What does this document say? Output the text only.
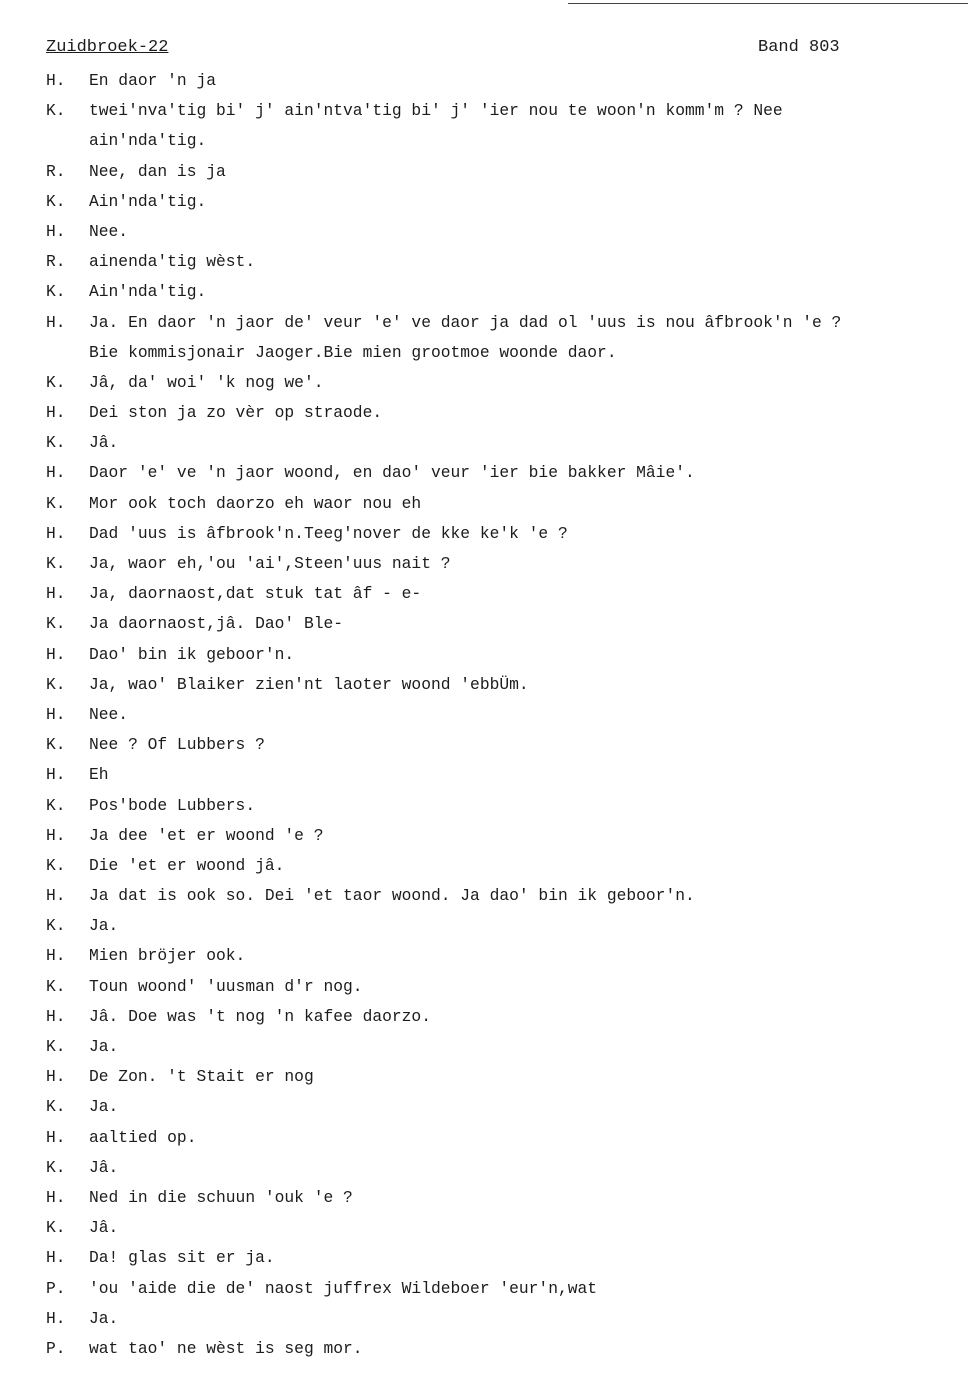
Zuidbroek-22	Band 803
H. En daor 'n ja
K. twei'nva'tig bi' j' ain'ntva'tig bi' j' 'ier nou te woon'n komm'm ? Nee
ain'nda'tig.
R. Nee, dan is ja
K. Ain'nda'tig.
H. Nee.
R. ainenda'tig wèst.
K. Ain'nda'tig.
H. Ja. En daor 'n jaor de' veur 'e' ve daor ja dad ol 'uus is nou âfbrook'n 'e ?
Bie kommisjonair Jaoger.Bie mien grootmoe woonde daor.
K. Jâ, da' woi' 'k nog we'.
H. Dei ston ja zo vèr op straode.
K. Jâ.
H. Daor 'e' ve 'n jaor woond, en dao' veur 'ier bie bakker Mâie'.
K. Mor ook toch daorzo eh waor nou eh
H. Dad 'uus is âfbrook'n.Teeg'nover de kke ke'k 'e ?
K. Ja, waor eh,'ou 'ai',Steen'uus nait ?
H. Ja, daornaost,dat stuk tat âf - e-
K. Ja daornaost,jâ. Dao' Ble-
H. Dao' bin ik geboor'n.
K. Ja, wao' Blaiker zien'nt laoter woond 'ebbÜm.
H. Nee.
K. Nee ? Of Lubbers ?
H. Eh
K. Pos'bode Lubbers.
H. Ja dee 'et er woond 'e ?
K. Die 'et er woond jâ.
H. Ja dat is ook so. Dei 'et taor woond. Ja dao' bin ik geboor'n.
K. Ja.
H. Mien bröjer ook.
K. Toun woond' 'uusman d'r nog.
H. Jâ. Doe was 't nog 'n kafee daorzo.
K. Ja.
H. De Zon. 't Stait er nog
K. Ja.
H. aaltied op.
K. Jâ.
H. Ned in die schuun 'ouk 'e ?
K. Jâ.
H. Da! glas sit er ja.
P. 'ou 'aide die de' naost juffrex Wildeboer 'eur'n,wat
H. Ja.
P. wat tao' ne wèst is seg mor.
